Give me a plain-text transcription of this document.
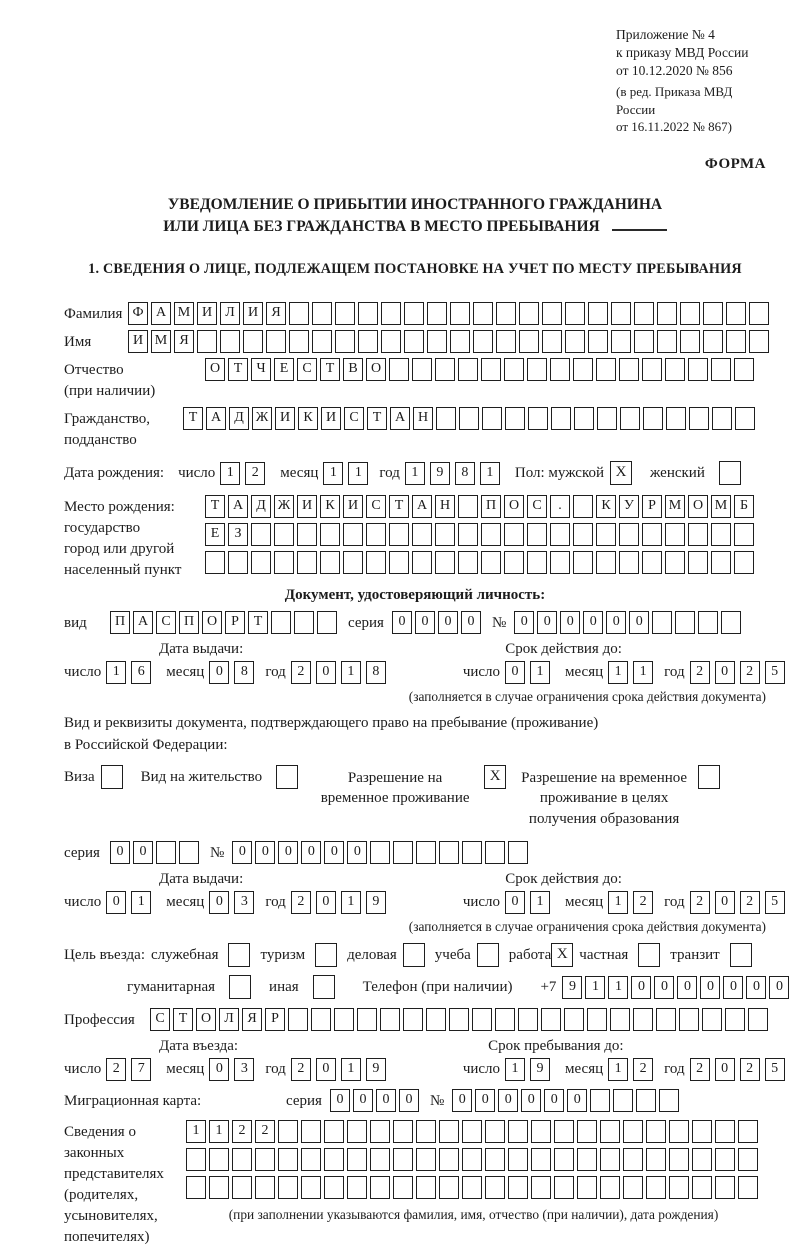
Приложение № 4
к приказу МВД России
от 10.12.2020 № 856
(в ред. Приказа МВД России
от 16.11.2022 № 867)
ФОРМА
УВЕДОМЛЕНИЕ О ПРИБЫТИИ ИНОСТРАННОГО ГРАЖДАНИНА
ИЛИ ЛИЦА БЕЗ ГРАЖДАНСТВА В МЕСТО ПРЕБЫВАНИЯ
1. СВЕДЕНИЯ О ЛИЦЕ, ПОДЛЕЖАЩЕМ ПОСТАНОВКЕ НА УЧЕТ ПО МЕСТУ ПРЕБЫВАНИЯ
Фамилия Ф А М И Л И Я
Имя	И М Я
Отчество
(при наличии)
О Т Ч Е С Т В О
Гражданство,
подданство
Т А Д Ж И К И С Т А Н
Дата рождения: число 1 2	месяц 1 1	год 1 9 8 1	Пол: мужской X	женский
Место рождения:
государство
город или другой
населенный пункт
Т А Д Ж И К И С Т А Н	П О С .	К У Р М О М Б
Е З
Документ, удостоверяющий личность:
вид	П А С П О Р Т	серия	0 0 0 0	№	0 0 0 0 0 0
Дата выдачи:	Срок действия до:
число 1 6	месяц 0 8	год 2 0 1 8	число 0 1	месяц 1 1	год 2 0 2 5
(заполняется в случае ограничения срока действия документа)
Вид и реквизиты документа, подтверждающего право на пребывание (проживание)
в Российской Федерации:
Виза	Вид на жительство	Разрешение на временное проживание
X	Разрешение на временное проживание в целях получения образования
серия	0 0	№	0 0 0 0 0 0
Дата выдачи:	Срок действия до:
число 0 1	месяц 0 3	год 2 0 1 9	число 0 1	месяц 1 2	год 2 0 2 5
(заполняется в случае ограничения срока действия документа)
Цель въезда: служебная	туризм	деловая	учеба	работа X частная	транзит
гуманитарная	иная	Телефон (при наличии) +7 9 1 1 0 0 0 0 0 0 0
Профессия	С Т О Л Я Р
Дата въезда:	Срок пребывания до:
число 2 7	месяц 0 3	год 2 0 1 9	число 1 9	месяц 1 2	год 2 0 2 5
Миграционная карта:	серия	0 0 0 0	№	0 0 0 0 0 0
Сведения о
законных
представителях
(родителях,
усыновителях,
попечителях)
1 1 2 2
(при заполнении указываются фамилия, имя, отчество (при наличии), дата рождения)
